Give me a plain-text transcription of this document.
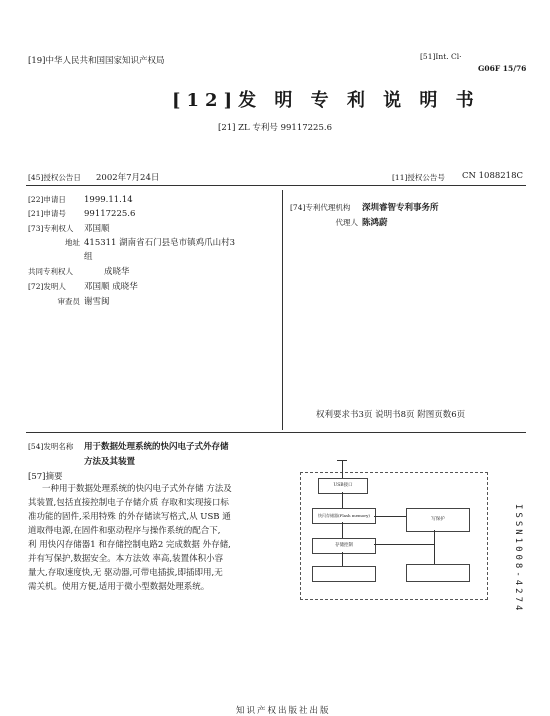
[19]中华人民共和国国家知识产权局	[51]Int. Cl·
G06F 15/76
[12]发 明 专 利 说 明 书
[21] ZL 专利号 99117225.6
[45]授权公告日 2002年7月24日	[11]授权公告号 CN 1088218C
[22]申请日 1999.11.14
[21]申请号 99117225.6
[73]专利权人 邓国顺
地址 415311 湖南省石门县皂市镇鸡爪山村3
组
共同专利权人	成晓华
[72]发明人 邓国顺 成晓华
审查员 谢雪闽
[74]专利代理机构 深圳睿智专利事务所
代理人 陈鸿蔚
权利要求书3页 说明书8页 附图页数6页
[54]发明名称 用于数据处理系统的快闪电子式外存储
方法及其装置
[57]摘要
一种用于数据处理系统的快闪电子式外存储 方法及
其装置,包括直接控制电子存储介质 存取和实现接口标
准功能的固件,采用特殊 的外存储读写格式,从 USB 通
道取得电源,在固件和驱动程序与操作系统的配合下,
利 用快闪存储器1 和存储控制电路2 完成数据 外存储,
并有写保护,数据安全。本方法效 率高,装置体积小容
量大,存取速度快,无 驱动器,可带电插拔,即插即用,无
需关机。使用方便,适用于微小型数据处理系统。
USB接口
快闪存储器(Flash memory)
存储控制
写保护	ISSN1008-4274
知识产权出版社出版
